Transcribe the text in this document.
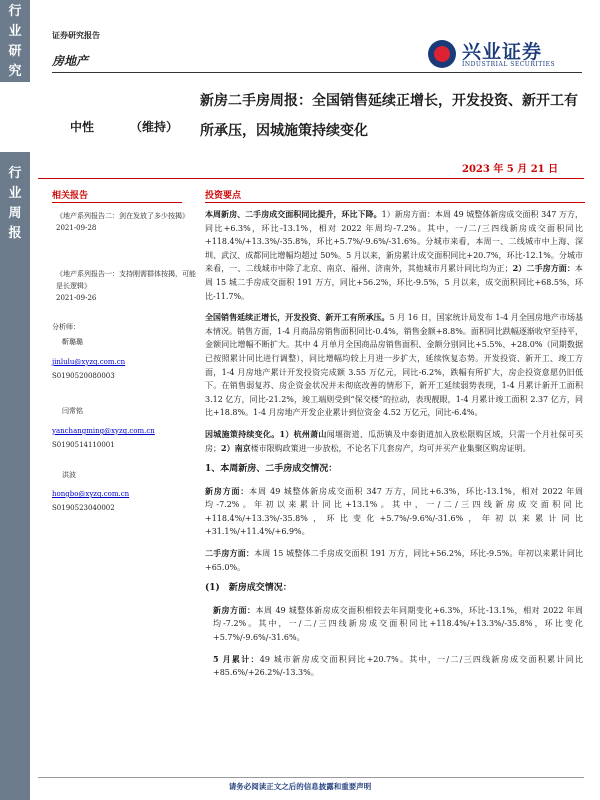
行
业
研
究
行
业
周
报
证券研究报告
房地产	兴业证券
INDUSTRIAL SECURITIES
中性	（维持）
新房二手房周报：全国销售延续正增长，开发投资、新开工有所承压，因城施策持续变化
2023 年 5 月 21 日
相关报告
《地产系列报告二：剑在发放了多少按揭》
2021-09-28
《地产系列报告一：支持刚需群体按揭，可能是长逻辑》
2021-09-26
分析师：
靳璐璐
jinlulu@xyzq.com.cn
S0190520080003
闫常铭
yanchangming@xyzq.com.cn
S0190514110001
洪波
hongbo@xyzq.com.cn
S0190523040002
投资要点

本周新房、二手房成交面积同比提升，环比下降。1）新房方面：本周 49 城整体新房成交面积 347 万方，同比+6.3%，环比-13.1%，相对 2022 年周均-7.2%。其中，一/二/三四线新房成交面积同比+118.4%/+13.3%/-35.8%，环比+5.7%/-9.6%/-31.6%。分城市来看，本周一、二线城市中上海、深圳、武汉、成都同比增幅均超过 50%。5 月以来，新房累计成交面积同比+20.7%，环比-12.1%。分城市来看，一、二线城市中除了北京、南京、福州、济南外，其他城市月累计同比均为正；2）二手房方面：本周 15 城二手房成交面积 191 万方，同比+56.2%，环比-9.5%，5 月以来，成交面积同比+68.5%，环比-11.7%。

全国销售延续正增长，开发投资、新开工有所承压。5 月 16 日，国家统计局发布 1-4 月全国房地产市场基本情况。销售方面，1-4 月商品房销售面积同比-0.4%，销售金额+8.8%。面积同比跌幅逐渐收窄至持平，金额同比增幅不断扩大。其中 4 月单月全国商品房销售面积、金额分别同比+5.5%、+28.0%（同期数据已按照累计同比进行调整），同比增幅均较上月进一步扩大，延续恢复态势。开发投资、新开工、竣工方面，1-4 月房地产累计开发投资完成额 3.55 万亿元，同比-6.2%，跌幅有所扩大，房企投资意愿仍旧低下。在销售弱复苏、房企资金状况并未彻底改善的情形下，新开工延续弱势表现，1-4 月累计新开工面积 3.12 亿方，同比-21.2%，竣工端则受到“保交楼”的拉动，表现靓眼，1-4 月累计竣工面积 2.37 亿方，同比+18.8%。1-4 月房地产开发企业累计到位资金 4.52 万亿元，同比-6.4%。

因城施策持续变化。1）杭州萧山闻堰街道、瓜沥镇及中泰街道加入放松限购区域，只需一个月社保可买房；2）南京楼市限购政策进一步放松，不论名下几套房产，均可并买产业集聚区购房证明。

1、本周新房、二手房成交情况：

新房方面：本周 49 城整体新房成交面积 347 万方，同比+6.3%，环比-13.1%，相对 2022 年周均-7.2%。年初以来累计同比+13.1%。其中，一/二/三四线新房成交面积同比+118.4%/+13.3%/-35.8%，环比变化+5.7%/-9.6%/-31.6%，年初以来累计同比+31.1%/+11.4%/+6.9%。

二手房方面：本周 15 城整体二手房成交面积 191 万方，同比+56.2%，环比-9.5%。年初以来累计同比+65.0%。

(1)　新房成交情况：

新房方面：本周 49 城整体新房成交面积相较去年同期变化+6.3%，环比-13.1%，相对 2022 年周均-7.2%。其中，一/二/三四线新房成交面积同比+118.4%/+13.3%/-35.8%，环比变化+5.7%/-9.6%/-31.6%。

5 月累计：49 城市新房成交面积同比+20.7%。其中，一/二/三四线新房成交面积累计同比+85.6%/+26.2%/-13.3%。

请务必阅读正文之后的信息披露和重要声明
